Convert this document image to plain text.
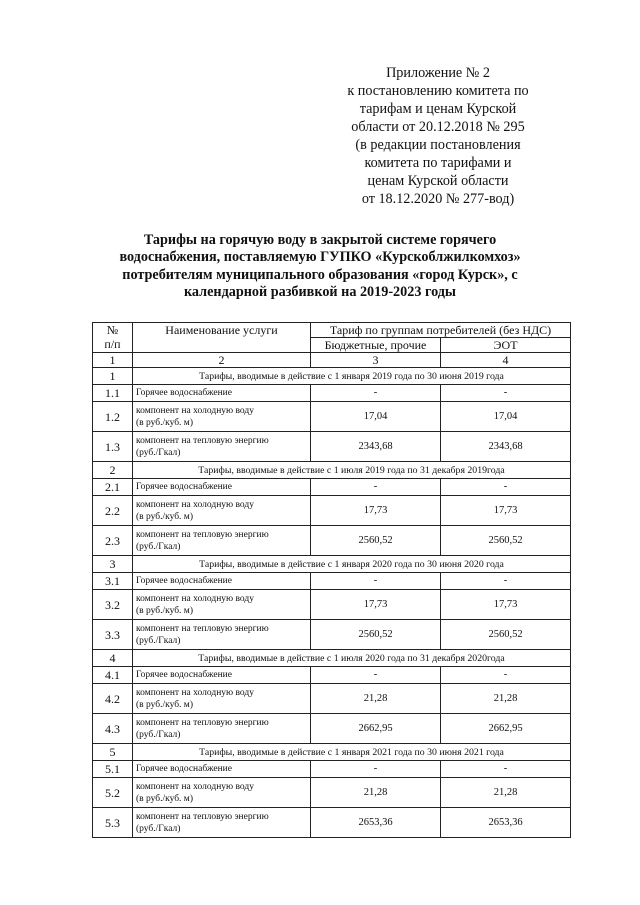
Приложение № 2
к постановлению комитета по
тарифам и ценам Курской
области от 20.12.2018 № 295
(в редакции постановления
комитета по тарифами и
ценам Курской области
от 18.12.2020 № 277-вод)
Тарифы на горячую воду в закрытой системе горячего
водоснабжения, поставляемую ГУПКО «Курскоблжилкомхоз»
потребителям муниципального образования «город Курск», с
календарной разбивкой на 2019-2023 годы
№
п/п	Наименование услуги	Тариф по группам потребителей (без НДС)	
		Бюджетные, прочие	ЭОТ
1	2	3	4
1	Тарифы, вводимые в действие с 1 января 2019 года по 30 июня 2019 года		
1.1	Горячее водоснабжение	-	-
1.2	компонент на холодную воду
(в руб./куб. м)	17,04	17,04
1.3	компонент на тепловую энергию
(руб./Гкал)	2343,68	2343,68
2	Тарифы, вводимые в действие с 1 июля 2019 года по 31 декабря 2019года		
2.1	Горячее водоснабжение	-	-
2.2	компонент на холодную воду
(в руб./куб. м)	17,73	17,73
2.3	компонент на тепловую энергию
(руб./Гкал)	2560,52	2560,52
3	Тарифы, вводимые в действие с 1 января 2020 года по 30 июня 2020 года		
3.1	Горячее водоснабжение	-	-
3.2	компонент на холодную воду
(в руб./куб. м)	17,73	17,73
3.3	компонент на тепловую энергию
(руб./Гкал)	2560,52	2560,52
4	Тарифы, вводимые в действие с 1 июля 2020 года по 31 декабря 2020года		
4.1	Горячее водоснабжение	-	-
4.2	компонент на холодную воду
(в руб./куб. м)	21,28	21,28
4.3	компонент на тепловую энергию
(руб./Гкал)	2662,95	2662,95
5	Тарифы, вводимые в действие с 1 января 2021 года по 30 июня 2021 года		
5.1	Горячее водоснабжение	-	-
5.2	компонент на холодную воду
(в руб./куб. м)	21,28	21,28
5.3	компонент на тепловую энергию
(руб./Гкал)	2653,36	2653,36
